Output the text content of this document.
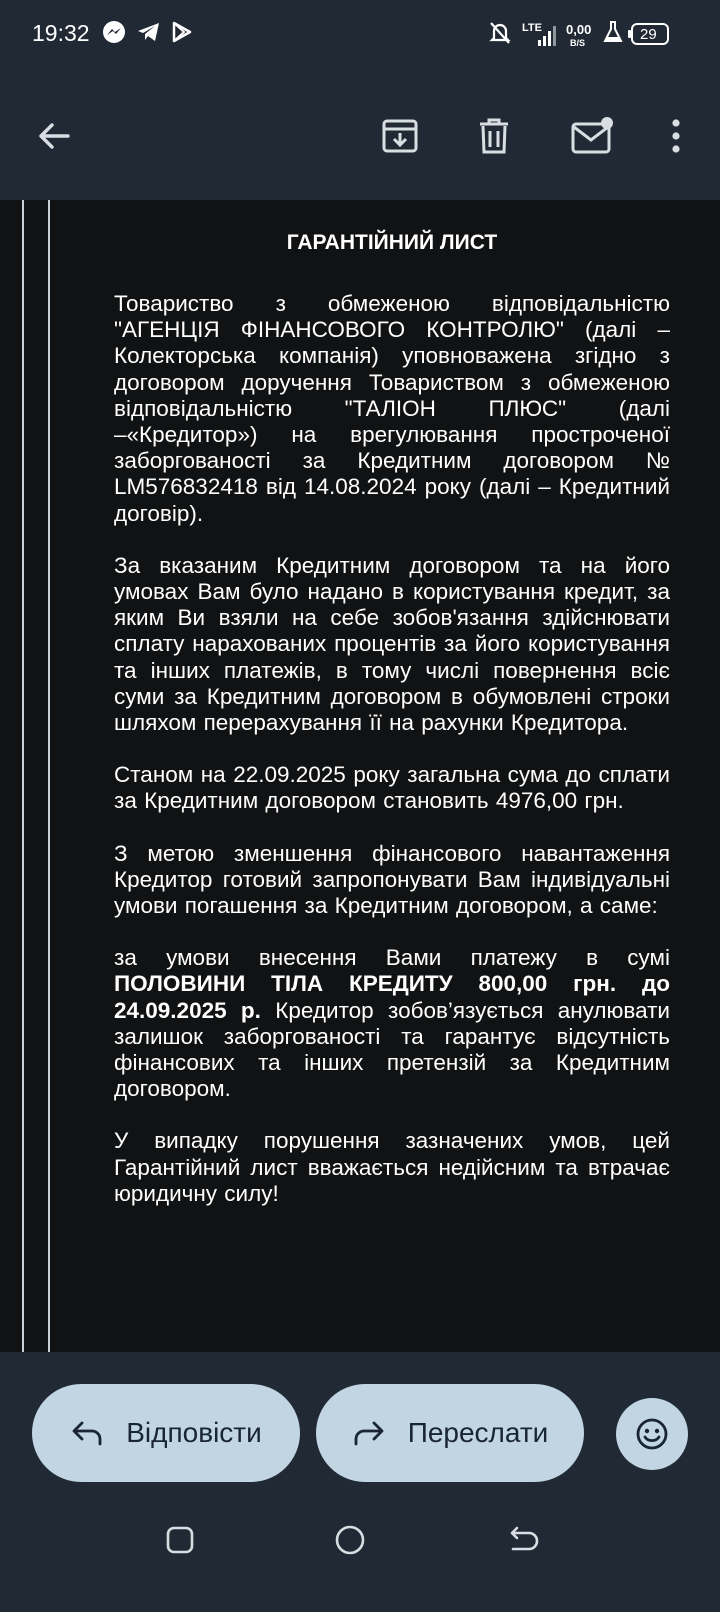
19:32	LTE 0,00
B/S	29
ГАРАНТІЙНИЙ ЛИСТ

Товариство з обмеженою відповідальністю "АГЕНЦІЯ ФІНАНСОВОГО КОНТРОЛЮ" (далі – Колекторська компанія) уповноважена згідно з договором доручення Товариством з обмеженою відповідальністю "ТАЛІОН ПЛЮС" (далі –«Кредитор») на врегулювання простроченої заборгованості за Кредитним договором № LM576832418 від 14.08.2024 року (далі – Кредитний договір).

За вказаним Кредитним договором та на його умовах Вам було надано в користування кредит, за яким Ви взяли на себе зобов'язання здійснювати сплату нарахованих процентів за його користування та інших платежів, в тому числі повернення всіє суми за Кредитним договором в обумовлені строки шляхом перерахування її на рахунки Кредитора.

Станом на 22.09.2025 року загальна сума до сплати за Кредитним договором становить 4976,00 грн.

З метою зменшення фінансового навантаження Кредитор готовий запропонувати Вам індивідуальні умови погашення за Кредитним договором, а саме:

за умови внесення Вами платежу в сумі ПОЛОВИНИ ТІЛА КРЕДИТУ 800,00 грн. до 24.09.2025 р. Кредитор зобов’язується анулювати залишок заборгованості та гарантує відсутність фінансових та інших претензій за Кредитним договором.

У випадку порушення зазначених умов, цей Гарантійний лист вважається недійсним та втрачає юридичну силу!

Відповісти	Переслати
